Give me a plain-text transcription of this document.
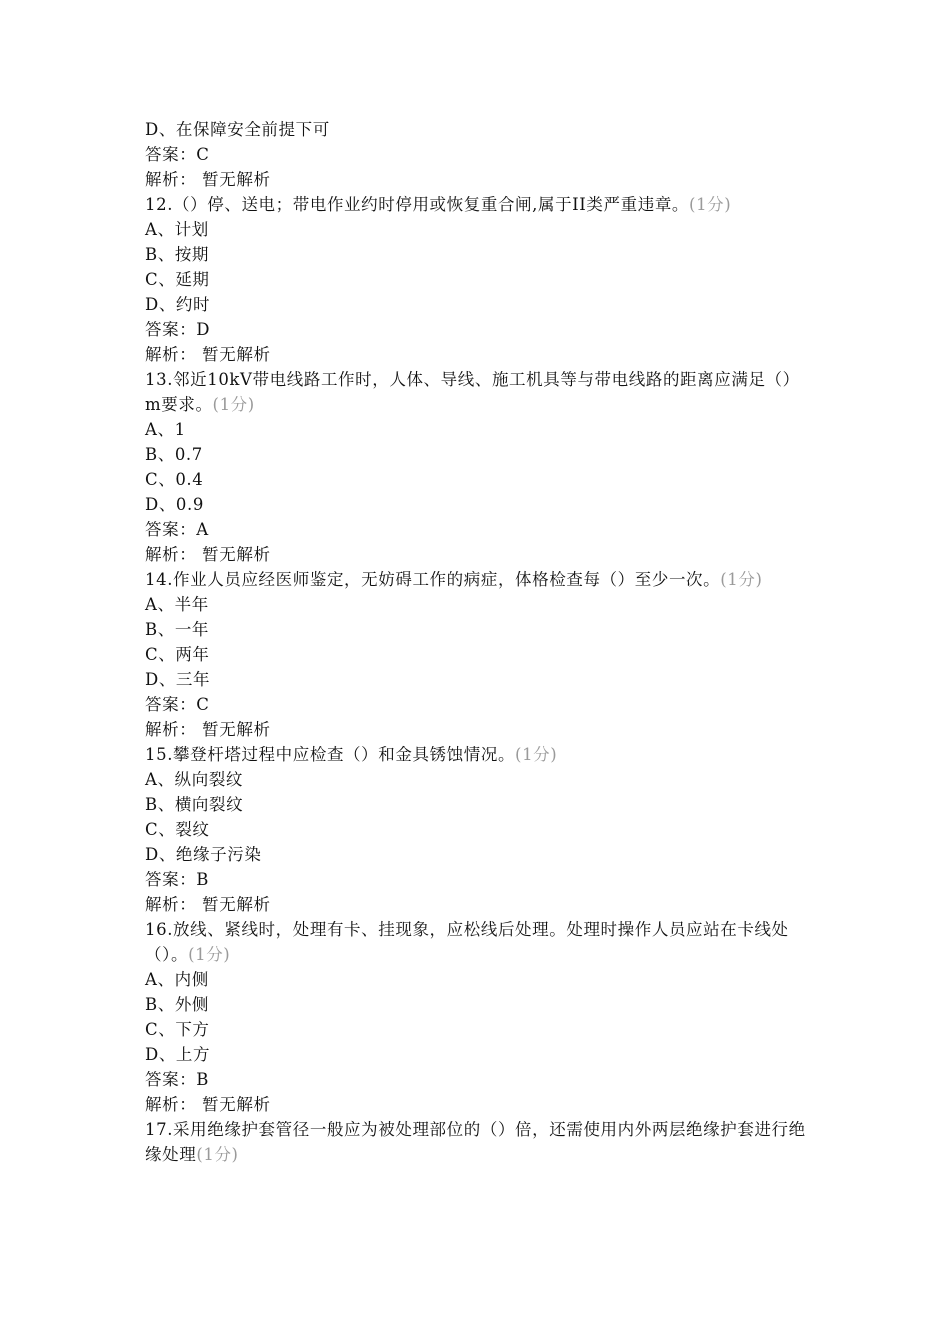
D、在保障安全前提下可
答案：C
解析： 暂无解析
12.（）停、送电；带电作业约时停用或恢复重合闸,属于II类严重违章。(1分)
A、计划
B、按期
C、延期
D、约时
答案：D
解析： 暂无解析
13.邻近10kV带电线路工作时，人体、导线、施工机具等与带电线路的距离应满足（）m要求。(1分)
A、1
B、0.7
C、0.4
D、0.9
答案：A
解析： 暂无解析
14.作业人员应经医师鉴定，无妨碍工作的病症，体格检查每（）至少一次。(1分)
A、半年
B、一年
C、两年
D、三年
答案：C
解析： 暂无解析
15.攀登杆塔过程中应检查（）和金具锈蚀情况。(1分)
A、纵向裂纹
B、横向裂纹
C、裂纹
D、绝缘子污染
答案：B
解析： 暂无解析
16.放线、紧线时，处理有卡、挂现象，应松线后处理。处理时操作人员应站在卡线处（）。(1分)
A、内侧
B、外侧
C、下方
D、上方
答案：B
解析： 暂无解析
17.采用绝缘护套管径一般应为被处理部位的（）倍，还需使用内外两层绝缘护套进行绝缘处理(1分)
